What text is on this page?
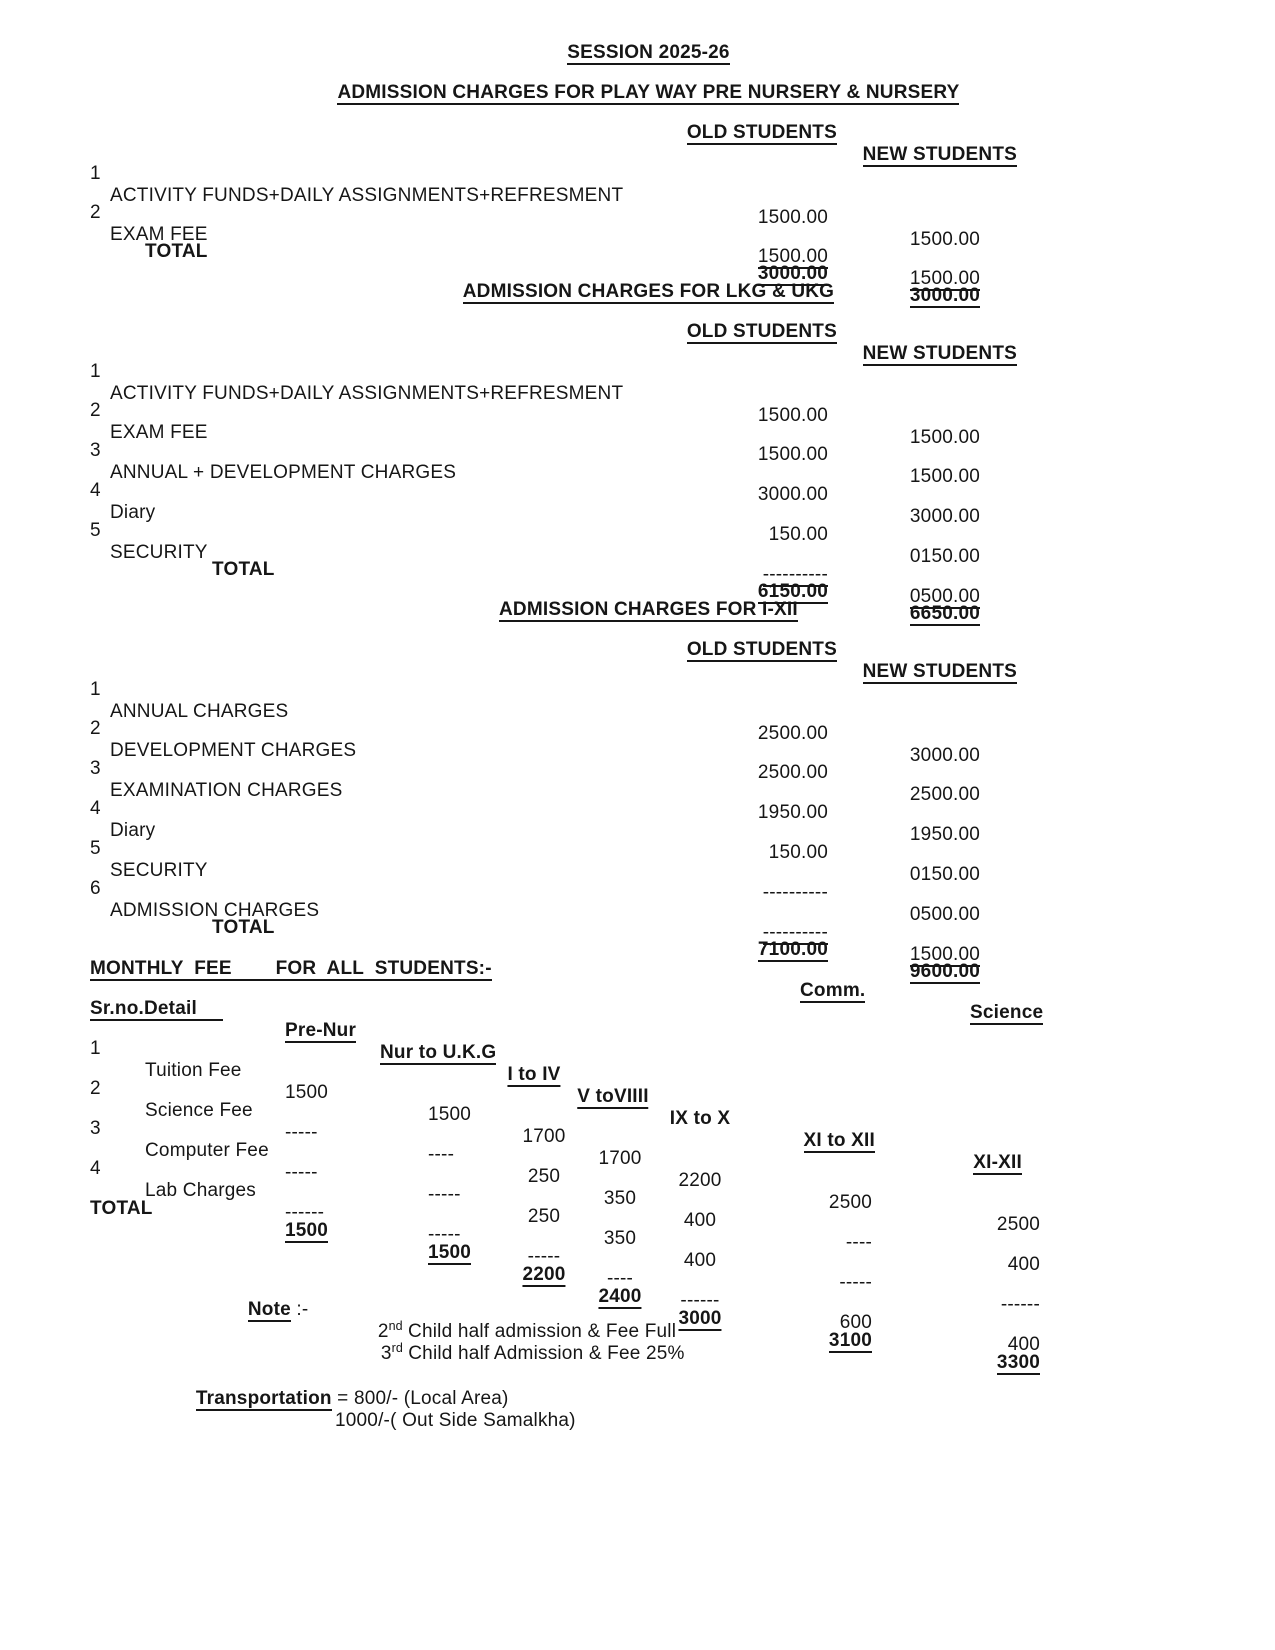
SESSION 2025-26

ADMISSION CHARGES FOR PLAY WAY PRE NURSERY & NURSERY

OLD STUDENTS

NEW STUDENTS

1

ACTIVITY FUNDS+DAILY ASSIGNMENTS+REFRESMENT

1500.00

1500.00

2

EXAM FEE

1500.00

1500.00

TOTAL

3000.00

3000.00

ADMISSION CHARGES FOR LKG & UKG

OLD STUDENTS

NEW STUDENTS

1

ACTIVITY FUNDS+DAILY ASSIGNMENTS+REFRESMENT

1500.00

1500.00

2

EXAM FEE

1500.00

1500.00

3

ANNUAL + DEVELOPMENT CHARGES

3000.00

3000.00

4

Diary

150.00

0150.00

5

SECURITY

----------

0500.00

TOTAL

6150.00

6650.00

ADMISSION CHARGES FOR I-XII

OLD STUDENTS

NEW STUDENTS

1

ANNUAL CHARGES

2500.00

3000.00

2

DEVELOPMENT CHARGES

2500.00

2500.00

3

EXAMINATION CHARGES

1950.00

1950.00

4

Diary

150.00

0150.00

5

SECURITY

----------

0500.00

6

ADMISSION CHARGES

----------

1500.00

TOTAL

7100.00

9600.00

MONTHLY  FEE        FOR  ALL  STUDENTS:-

Comm.

Science

Sr.no.Detail

Pre-Nur

Nur to U.K.G

I to IV

V toVIIII

IX to X

XI to XII

XI-XII

1

Tuition Fee

1500

1500

1700

1700

2200

2500

2500

2

Science Fee

-----

----

250

350

400

----

400

3

Computer Fee

-----

-----

250

350

400

-----

------

4

Lab Charges

------

-----

-----

----

------

600

400

TOTAL

1500

1500

2200

2400

3000

3100

3300

Note :-

2nd Child half admission & Fee Full

3rd Child half Admission & Fee 25%

Transportation = 800/- (Local Area)

1000/-( Out Side Samalkha)
